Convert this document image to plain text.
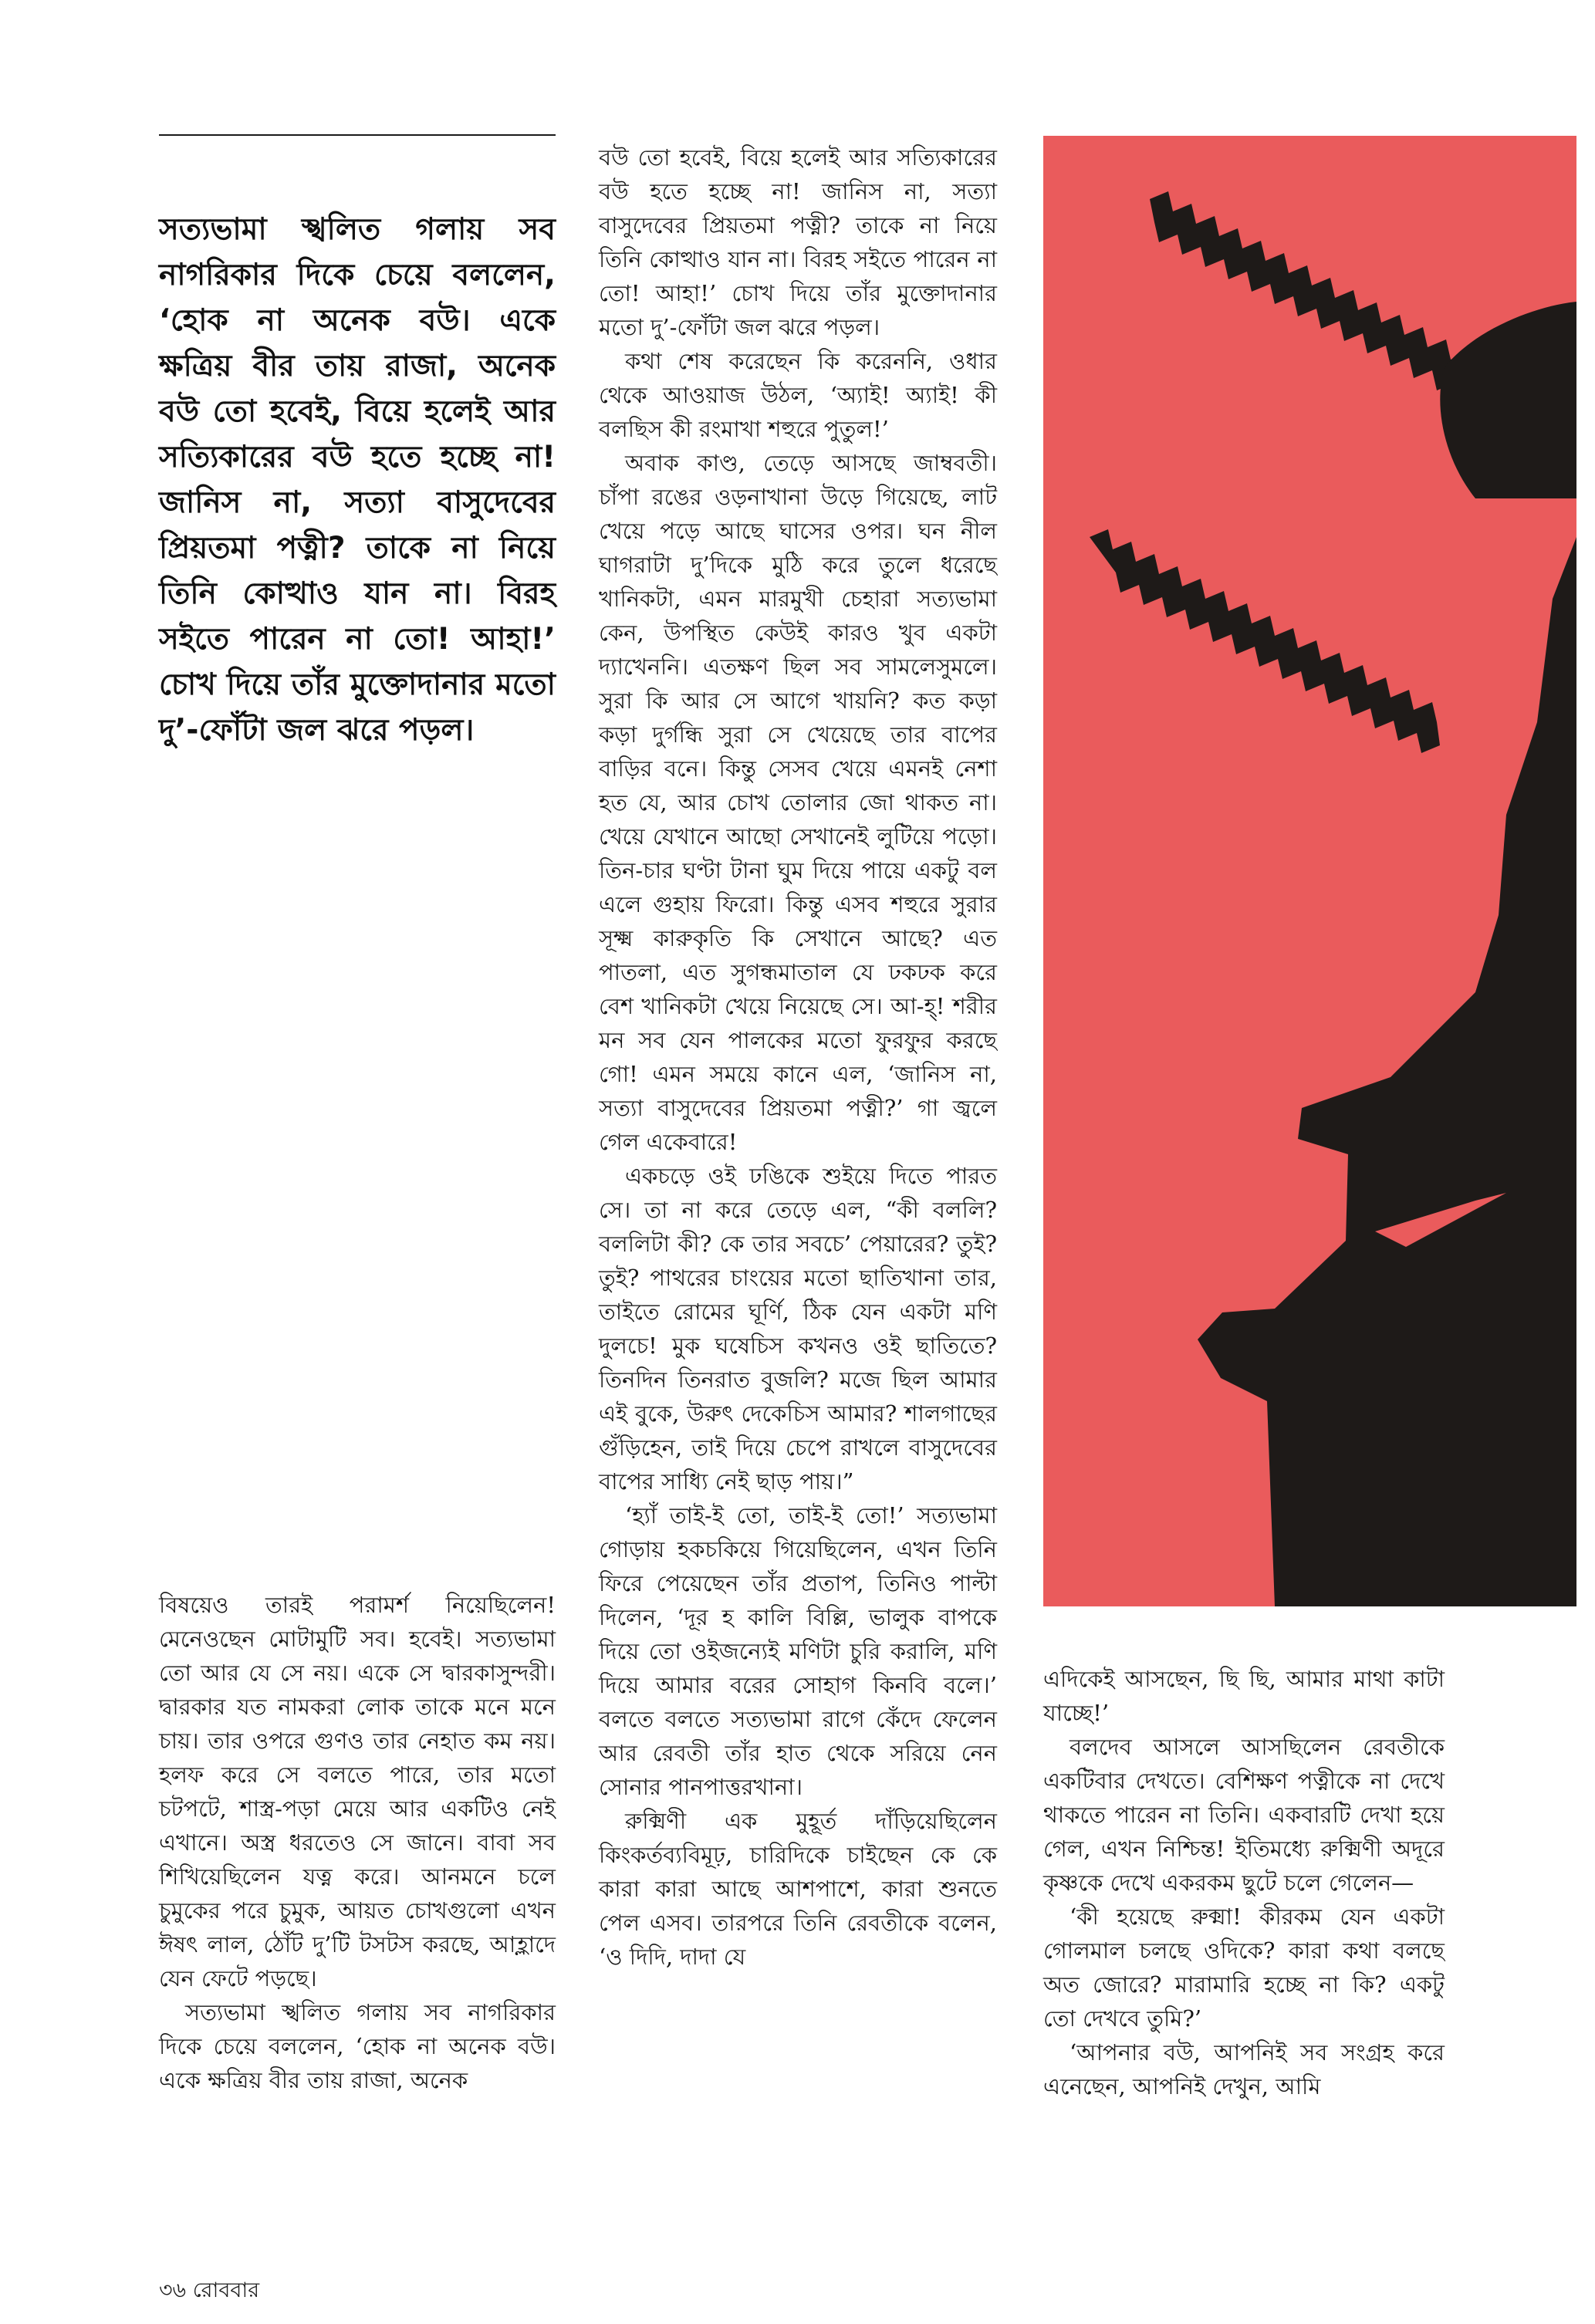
সত্যভামা স্খলিত গলায় সব নাগরিকার দিকে চেয়ে বললেন, ‘হোক না অনেক বউ। একে ক্ষত্রিয় বীর তায় রাজা, অনেক বউ তো হবেই, বিয়ে হলেই আর সত্যিকারের বউ হতে হচ্ছে না! জানিস না, সত্যা বাসুদেবের প্রিয়তমা পত্নী? তাকে না নিয়ে তিনি কোত্থাও যান না। বিরহ সইতে পারেন না তো! আহা!’ চোখ দিয়ে তাঁর মুক্তোদানার মতো দু’-ফোঁটা জল ঝরে পড়ল।

বিষয়েও তারই পরামর্শ নিয়েছিলেন! মেনেওছেন মোটামুটি সব। হবেই। সত্যভামা তো আর যে সে নয়। একে সে দ্বারকাসুন্দরী। দ্বারকার যত নামকরা লোক তাকে মনে মনে চায়। তার ওপরে গুণও তার নেহাত কম নয়। হলফ করে সে বলতে পারে, তার মতো চটপটে, শাস্ত্র-পড়া মেয়ে আর একটিও নেই এখানে। অস্ত্র ধরতেও সে জানে। বাবা সব শিখিয়েছিলেন যত্ন করে। আনমনে চলে চুমুকের পরে চুমুক, আয়ত চোখগুলো এখন ঈষৎ লাল, ঠোঁট দু’টি টসটস করছে, আহ্লাদে যেন ফেটে পড়ছে।

সত্যভামা স্খলিত গলায় সব নাগরিকার দিকে চেয়ে বললেন, ‘হোক না অনেক বউ। একে ক্ষত্রিয় বীর তায় রাজা, অনেক

বউ তো হবেই, বিয়ে হলেই আর সত্যিকারের বউ হতে হচ্ছে না! জানিস না, সত্যা বাসুদেবের প্রিয়তমা পত্নী? তাকে না নিয়ে তিনি কোত্থাও যান না। বিরহ সইতে পারেন না তো! আহা!’ চোখ দিয়ে তাঁর মুক্তোদানার মতো দু’-ফোঁটা জল ঝরে পড়ল।

কথা শেষ করেছেন কি করেননি, ওধার থেকে আওয়াজ উঠল, ‘অ্যাই! অ্যাই! কী বলছিস কী রংমাখা শহুরে পুতুল!’

অবাক কাণ্ড, তেড়ে আসছে জাম্ববতী। চাঁপা রঙের ওড়নাখানা উড়ে গিয়েছে, লাট খেয়ে পড়ে আছে ঘাসের ওপর। ঘন নীল ঘাগরাটা দু’দিকে মুঠি করে তুলে ধরেছে খানিকটা, এমন মারমুখী চেহারা সত্যভামা কেন, উপস্থিত কেউই কারও খুব একটা দ্যাখেননি। এতক্ষণ ছিল সব সামলেসুমলে। সুরা কি আর সে আগে খায়নি? কত কড়া কড়া দুর্গন্ধি সুরা সে খেয়েছে তার বাপের বাড়ির বনে। কিন্তু সেসব খেয়ে এমনই নেশা হত যে, আর চোখ তোলার জো থাকত না। খেয়ে যেখানে আছো সেখানেই লুটিয়ে পড়ো। তিন-চার ঘণ্টা টানা ঘুম দিয়ে পায়ে একটু বল এলে গুহায় ফিরো। কিন্তু এসব শহুরে সুরার সূক্ষ্ম কারুকৃতি কি সেখানে আছে? এত পাতলা, এত সুগন্ধমাতাল যে ঢকঢক করে বেশ খানিকটা খেয়ে নিয়েছে সে। আ-হ্! শরীর মন সব যেন পালকের মতো ফুরফুর করছে গো! এমন সময়ে কানে এল, ‘জানিস না, সত্যা বাসুদেবের প্রিয়তমা পত্নী?’ গা জ্বলে গেল একেবারে!

একচড়ে ওই ঢঙিকে শুইয়ে দিতে পারত সে। তা না করে তেড়ে এল, “কী বললি? বললিটা কী? কে তার সবচে’ পেয়ারের? তুই? তুই? পাথরের চাংয়ের মতো ছাতিখানা তার, তাইতে রোমের ঘূর্ণি, ঠিক যেন একটা মণি দুলচে! মুক ঘষেচিস কখনও ওই ছাতিতে? তিনদিন তিনরাত বুজলি? মজে ছিল আমার এই বুকে, উরুৎ দেকেচিস আমার? শালগাছের গুঁড়িহেন, তাই দিয়ে চেপে রাখলে বাসুদেবের বাপের সাধ্যি নেই ছাড় পায়।”

‘হ্যাঁ তাই-ই তো, তাই-ই তো!’ সত্যভামা গোড়ায় হকচকিয়ে গিয়েছিলেন, এখন তিনি ফিরে পেয়েছেন তাঁর প্রতাপ, তিনিও পাল্টা দিলেন, ‘দূর হ কালি বিল্লি, ভালুক বাপকে দিয়ে তো ওইজন্যেই মণিটা চুরি করালি, মণি দিয়ে আমার বরের সোহাগ কিনবি বলে।’ বলতে বলতে সত্যভামা রাগে কেঁদে ফেলেন আর রেবতী তাঁর হাত থেকে সরিয়ে নেন সোনার পানপাত্তরখানা।

রুক্মিণী এক মুহূর্ত দাঁড়িয়েছিলেন কিংকর্তব্যবিমূঢ়, চারিদিকে চাইছেন কে কে কারা কারা আছে আশপাশে, কারা শুনতে পেল এসব। তারপরে তিনি রেবতীকে বলেন, ‘ও দিদি, দাদা যে

এদিকেই আসছেন, ছি ছি, আমার মাথা কাটা যাচ্ছে!’

বলদেব আসলে আসছিলেন রেবতীকে একটিবার দেখতে। বেশিক্ষণ পত্নীকে না দেখে থাকতে পারেন না তিনি। একবারটি দেখা হয়ে গেল, এখন নিশ্চিন্ত! ইতিমধ্যে রুক্মিণী অদূরে কৃষ্ণকে দেখে একরকম ছুটে চলে গেলেন—

‘কী হয়েছে রুক্মা! কীরকম যেন একটা গোলমাল চলছে ওদিকে? কারা কথা বলছে অত জোরে? মারামারি হচ্ছে না কি? একটু তো দেখবে তুমি?’

‘আপনার বউ, আপনিই সব সংগ্রহ করে এনেছেন, আপনিই দেখুন, আমি

৩৬ রোববার
